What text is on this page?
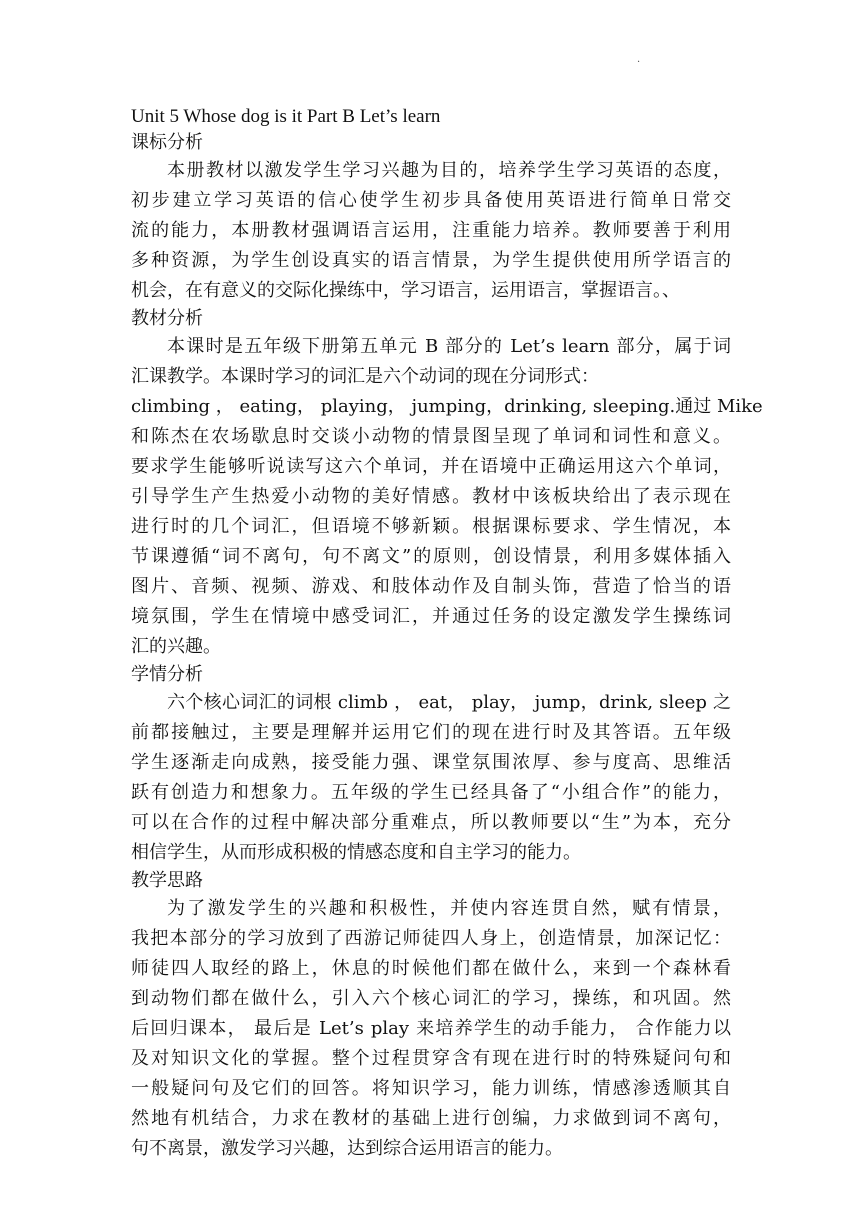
·
Unit 5 Whose dog is it Part B Let’s learn
课标分析
本册教材以激发学生学习兴趣为目的，培养学生学习英语的态度，
初步建立学习英语的信心使学生初步具备使用英语进行简单日常交
流的能力，本册教材强调语言运用，注重能力培养。教师要善于利用
多种资源，为学生创设真实的语言情景，为学生提供使用所学语言的
机会，在有意义的交际化操练中，学习语言，运用语言，掌握语言。、
教材分析
本课时是五年级下册第五单元 B 部分的 Let’s learn 部分，属于词
汇课教学。本课时学习的词汇是六个动词的现在分词形式：
climbing ， eating， playing， jumping，drinking, sleeping.通过 Mike
和陈杰在农场歇息时交谈小动物的情景图呈现了单词和词性和意义。
要求学生能够听说读写这六个单词，并在语境中正确运用这六个单词，
引导学生产生热爱小动物的美好情感。教材中该板块给出了表示现在
进行时的几个词汇，但语境不够新颖。根据课标要求、学生情况，本
节课遵循“词不离句，句不离文”的原则，创设情景，利用多媒体插入
图片、音频、视频、游戏、和肢体动作及自制头饰，营造了恰当的语
境氛围，学生在情境中感受词汇，并通过任务的设定激发学生操练词
汇的兴趣。
学情分析
六个核心词汇的词根 climb ， eat， play， jump，drink, sleep 之
前都接触过，主要是理解并运用它们的现在进行时及其答语。五年级
学生逐渐走向成熟，接受能力强、课堂氛围浓厚、参与度高、思维活
跃有创造力和想象力。五年级的学生已经具备了“小组合作”的能力，
可以在合作的过程中解决部分重难点，所以教师要以“生”为本，充分
相信学生，从而形成积极的情感态度和自主学习的能力。
教学思路
为了激发学生的兴趣和积极性，并使内容连贯自然，赋有情景，
我把本部分的学习放到了西游记师徒四人身上，创造情景，加深记忆：
师徒四人取经的路上，休息的时候他们都在做什么，来到一个森林看
到动物们都在做什么，引入六个核心词汇的学习，操练，和巩固。然
后回归课本， 最后是 Let’s play 来培养学生的动手能力， 合作能力以
及对知识文化的掌握。整个过程贯穿含有现在进行时的特殊疑问句和
一般疑问句及它们的回答。将知识学习，能力训练，情感渗透顺其自
然地有机结合，力求在教材的基础上进行创编，力求做到词不离句，
句不离景，激发学习兴趣，达到综合运用语言的能力。
